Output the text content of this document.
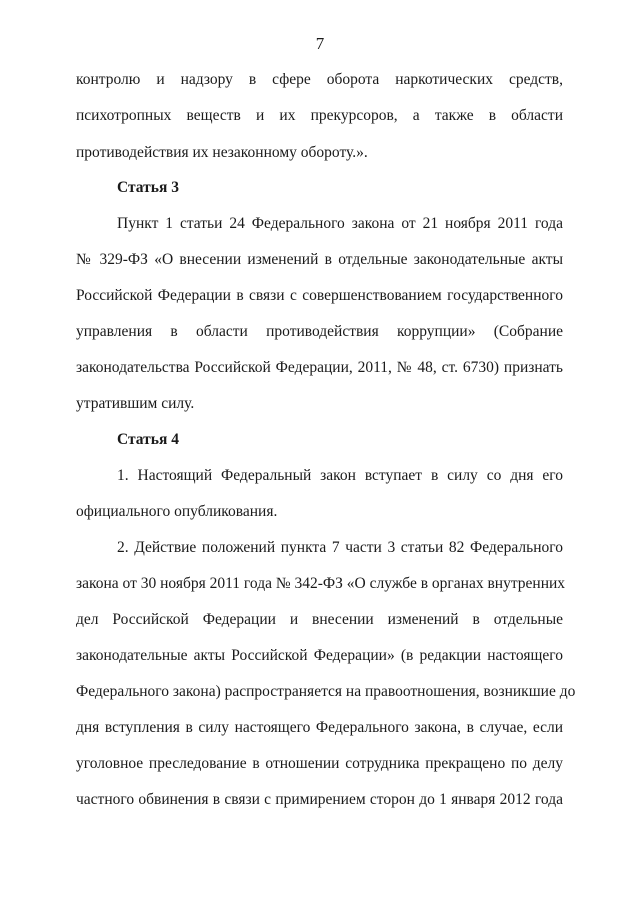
7
контролю и надзору в сфере оборота наркотических средств,
психотропных веществ и их прекурсоров, а также в области
противодействия их незаконному обороту.».
Статья 3
Пункт 1 статьи 24 Федерального закона от 21 ноября 2011 года
№ 329-ФЗ «О внесении изменений в отдельные законодательные акты
Российской Федерации в связи с совершенствованием государственного
управления в области противодействия коррупции» (Собрание
законодательства Российской Федерации, 2011, № 48, ст. 6730) признать
утратившим силу.
Статья 4
1. Настоящий Федеральный закон вступает в силу со дня его
официального опубликования.
2. Действие положений пункта 7 части 3 статьи 82 Федерального
закона от 30 ноября 2011 года № 342-ФЗ «О службе в органах внутренних
дел Российской Федерации и внесении изменений в отдельные
законодательные акты Российской Федерации» (в редакции настоящего
Федерального закона) распространяется на правоотношения, возникшие до
дня вступления в силу настоящего Федерального закона, в случае, если
уголовное преследование в отношении сотрудника прекращено по делу
частного обвинения в связи с примирением сторон до 1 января 2012 года
